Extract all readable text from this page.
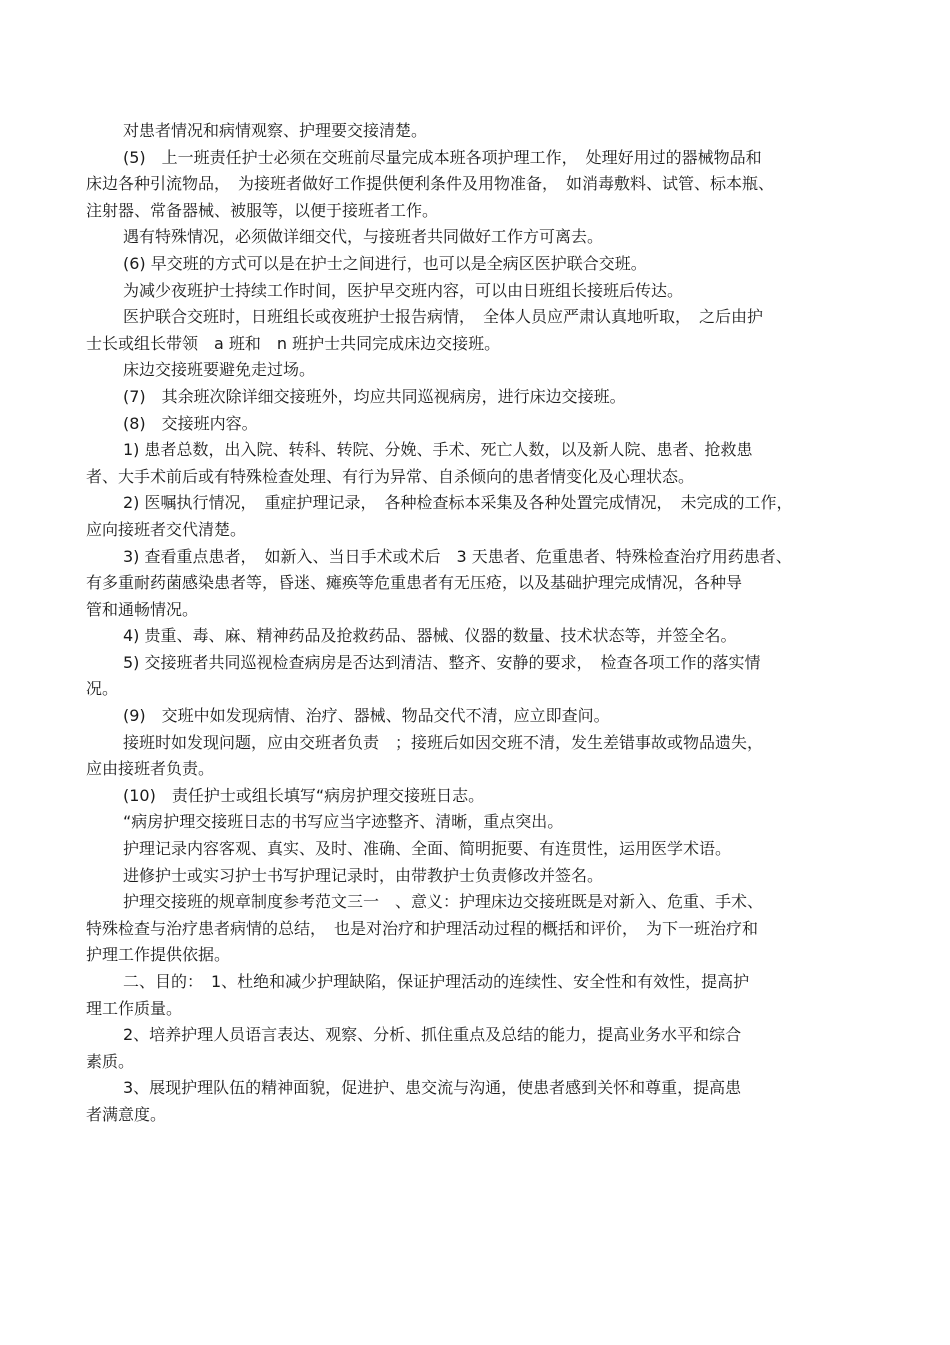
对患者情况和病情观察、护理要交接清楚。
(5)　上一班责任护士必须在交班前尽量完成本班各项护理工作，　处理好用过的器械物品和
床边各种引流物品，　为接班者做好工作提供便利条件及用物准备，　如消毒敷料、试管、标本瓶、
注射器、常备器械、被服等，以便于接班者工作。
遇有特殊情况，必须做详细交代，与接班者共同做好工作方可离去。
(6) 早交班的方式可以是在护士之间进行，也可以是全病区医护联合交班。
为减少夜班护士持续工作时间，医护早交班内容，可以由日班组长接班后传达。
医护联合交班时，日班组长或夜班护士报告病情，　全体人员应严肃认真地听取，　之后由护
士长或组长带领　a 班和　n 班护士共同完成床边交接班。
床边交接班要避免走过场。
(7)　其余班次除详细交接班外，均应共同巡视病房，进行床边交接班。
(8)　交接班内容。
1) 患者总数，出入院、转科、转院、分娩、手术、死亡人数，以及新人院、患者、抢救患
者、大手术前后或有特殊检查处理、有行为异常、自杀倾向的患者情变化及心理状态。
2) 医嘱执行情况，　重症护理记录，　各种检查标本采集及各种处置完成情况，　未完成的工作，
应向接班者交代清楚。
3) 查看重点患者，　如新入、当日手术或术后　3 天患者、危重患者、特殊检查治疗用药患者、
有多重耐药菌感染患者等，昏迷、瘫痪等危重患者有无压疮，以及基础护理完成情况，各种导
管和通畅情况。
4) 贵重、毒、麻、精神药品及抢救药品、器械、仪器的数量、技术状态等，并签全名。
5) 交接班者共同巡视检查病房是否达到清洁、整齐、安静的要求，　检查各项工作的落实情
况。
(9)　交班中如发现病情、治疗、器械、物品交代不清，应立即查问。
接班时如发现问题，应由交班者负责　；接班后如因交班不清，发生差错事故或物品遗失，
应由接班者负责。
(10)　责任护士或组长填写“病房护理交接班日志。
“病房护理交接班日志的书写应当字迹整齐、清晰，重点突出。
护理记录内容客观、真实、及时、准确、全面、简明扼要、有连贯性，运用医学术语。
进修护士或实习护士书写护理记录时，由带教护士负责修改并签名。
护理交接班的规章制度参考范文三一　、意义：护理床边交接班既是对新入、危重、手术、
特殊检查与治疗患者病情的总结，　也是对治疗和护理活动过程的概括和评价，　为下一班治疗和
护理工作提供依据。
二、目的：　1、杜绝和减少护理缺陷，保证护理活动的连续性、安全性和有效性，提高护
理工作质量。
2、培养护理人员语言表达、观察、分析、抓住重点及总结的能力，提高业务水平和综合
素质。
3、展现护理队伍的精神面貌，促进护、患交流与沟通，使患者感到关怀和尊重，提高患
者满意度。
